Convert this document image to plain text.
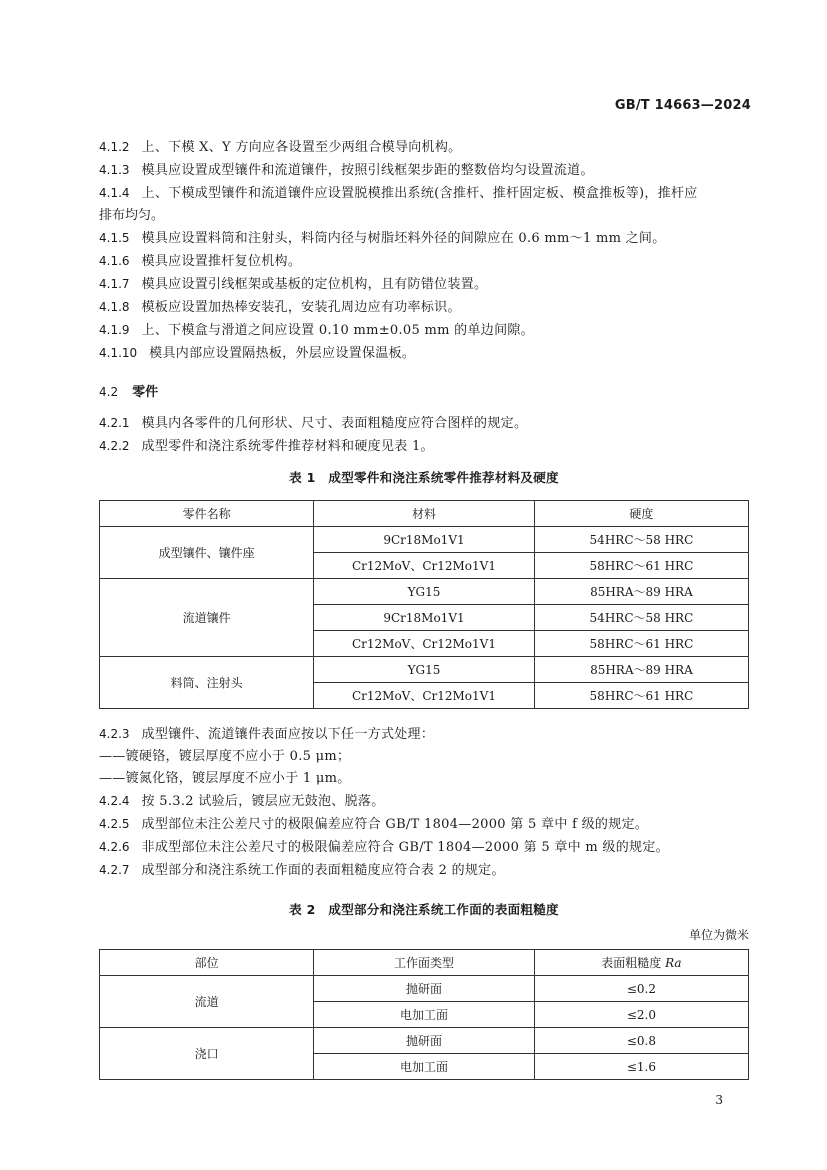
GB/T 14663—2024
4.1.2 上、下模 X、Y 方向应各设置至少两组合模导向机构。
4.1.3 模具应设置成型镶件和流道镶件，按照引线框架步距的整数倍均匀设置流道。
4.1.4 上、下模成型镶件和流道镶件应设置脱模推出系统(含推杆、推杆固定板、模盒推板等)，推杆应
排布均匀。
4.1.5 模具应设置料筒和注射头，料筒内径与树脂坯料外径的间隙应在 0.6 mm～1 mm 之间。
4.1.6 模具应设置推杆复位机构。
4.1.7 模具应设置引线框架或基板的定位机构，且有防错位装置。
4.1.8 模板应设置加热棒安装孔，安装孔周边应有功率标识。
4.1.9 上、下模盒与滑道之间应设置 0.10 mm±0.05 mm 的单边间隙。
4.1.10 模具内部应设置隔热板，外层应设置保温板。
4.2 零件
4.2.1 模具内各零件的几何形状、尺寸、表面粗糙度应符合图样的规定。
4.2.2 成型零件和浇注系统零件推荐材料和硬度见表 1。
表 1　成型零件和浇注系统零件推荐材料及硬度
零件名称	材料	硬度
成型镶件、镶件座	9Cr18Mo1V1	54HRC～58 HRC
	Cr12MoV、Cr12Mo1V1	58HRC～61 HRC
流道镶件	YG15	85HRA～89 HRA
	9Cr18Mo1V1	54HRC～58 HRC
	Cr12MoV、Cr12Mo1V1	58HRC～61 HRC
料筒、注射头	YG15	85HRA～89 HRA
	Cr12MoV、Cr12Mo1V1	58HRC～61 HRC
4.2.3 成型镶件、流道镶件表面应按以下任一方式处理：
——镀硬铬，镀层厚度不应小于 0.5 μm；
——镀氮化铬，镀层厚度不应小于 1 μm。
4.2.4 按 5.3.2 试验后，镀层应无鼓泡、脱落。
4.2.5 成型部位未注公差尺寸的极限偏差应符合 GB/T 1804—2000 第 5 章中 f 级的规定。
4.2.6 非成型部位未注公差尺寸的极限偏差应符合 GB/T 1804—2000 第 5 章中 m 级的规定。
4.2.7 成型部分和浇注系统工作面的表面粗糙度应符合表 2 的规定。
表 2　成型部分和浇注系统工作面的表面粗糙度
单位为微米
部位	工作面类型	表面粗糙度 Ra
流道	抛研面	≤0.2
	电加工面	≤2.0
浇口	抛研面	≤0.8
	电加工面	≤1.6
3
